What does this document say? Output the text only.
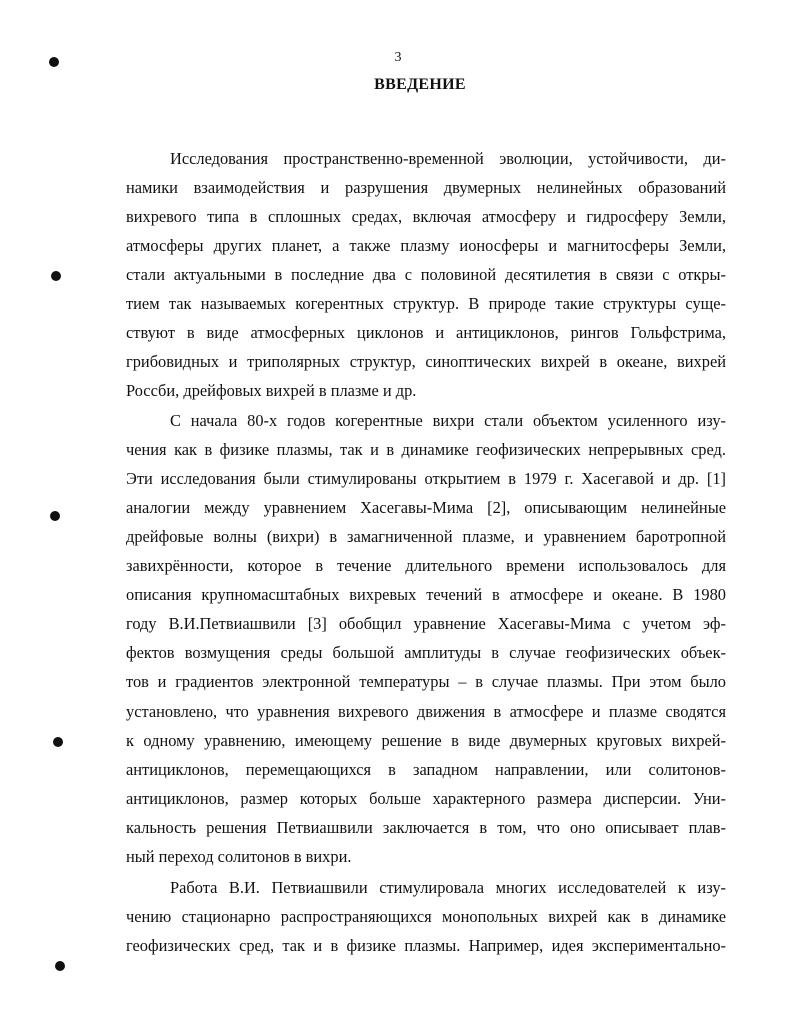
3
ВВЕДЕНИЕ
Исследования пространственно-временной эволюции, устойчивости, ди-
намики взаимодействия и разрушения двумерных нелинейных образований
вихревого типа в сплошных средах, включая атмосферу и гидросферу Земли,
атмосферы других планет, а также плазму ионосферы и магнитосферы Земли,
стали актуальными в последние два с половиной десятилетия в связи с откры-
тием так называемых когерентных структур. В природе такие структуры суще-
ствуют в виде атмосферных циклонов и антициклонов, рингов Гольфстрима,
грибовидных и триполярных структур, синоптических вихрей в океане, вихрей
Россби, дрейфовых вихрей в плазме и др.
С начала 80-х годов когерентные вихри стали объектом усиленного изу-
чения как в физике плазмы, так и в динамике геофизических непрерывных сред.
Эти исследования были стимулированы открытием в 1979 г. Хасегавой и др. [1]
аналогии между уравнением Хасегавы-Мима [2], описывающим нелинейные
дрейфовые волны (вихри) в замагниченной плазме, и уравнением баротропной
завихрённости, которое в течение длительного времени использовалось для
описания крупномасштабных вихревых течений в атмосфере и океане. В 1980
году В.И.Петвиашвили [3] обобщил уравнение Хасегавы-Мима с учетом эф-
фектов возмущения среды большой амплитуды в случае геофизических объек-
тов и градиентов электронной температуры – в случае плазмы. При этом было
установлено, что уравнения вихревого движения в атмосфере и плазме сводятся
к одному уравнению, имеющему решение в виде двумерных круговых вихрей-
антициклонов, перемещающихся в западном направлении, или солитонов-
антициклонов, размер которых больше характерного размера дисперсии. Уни-
кальность решения Петвиашвили заключается в том, что оно описывает плав-
ный переход солитонов в вихри.
Работа В.И. Петвиашвили стимулировала многих исследователей к изу-
чению стационарно распространяющихся монопольных вихрей как в динамике
геофизических сред, так и в физике плазмы. Например, идея экспериментально-
